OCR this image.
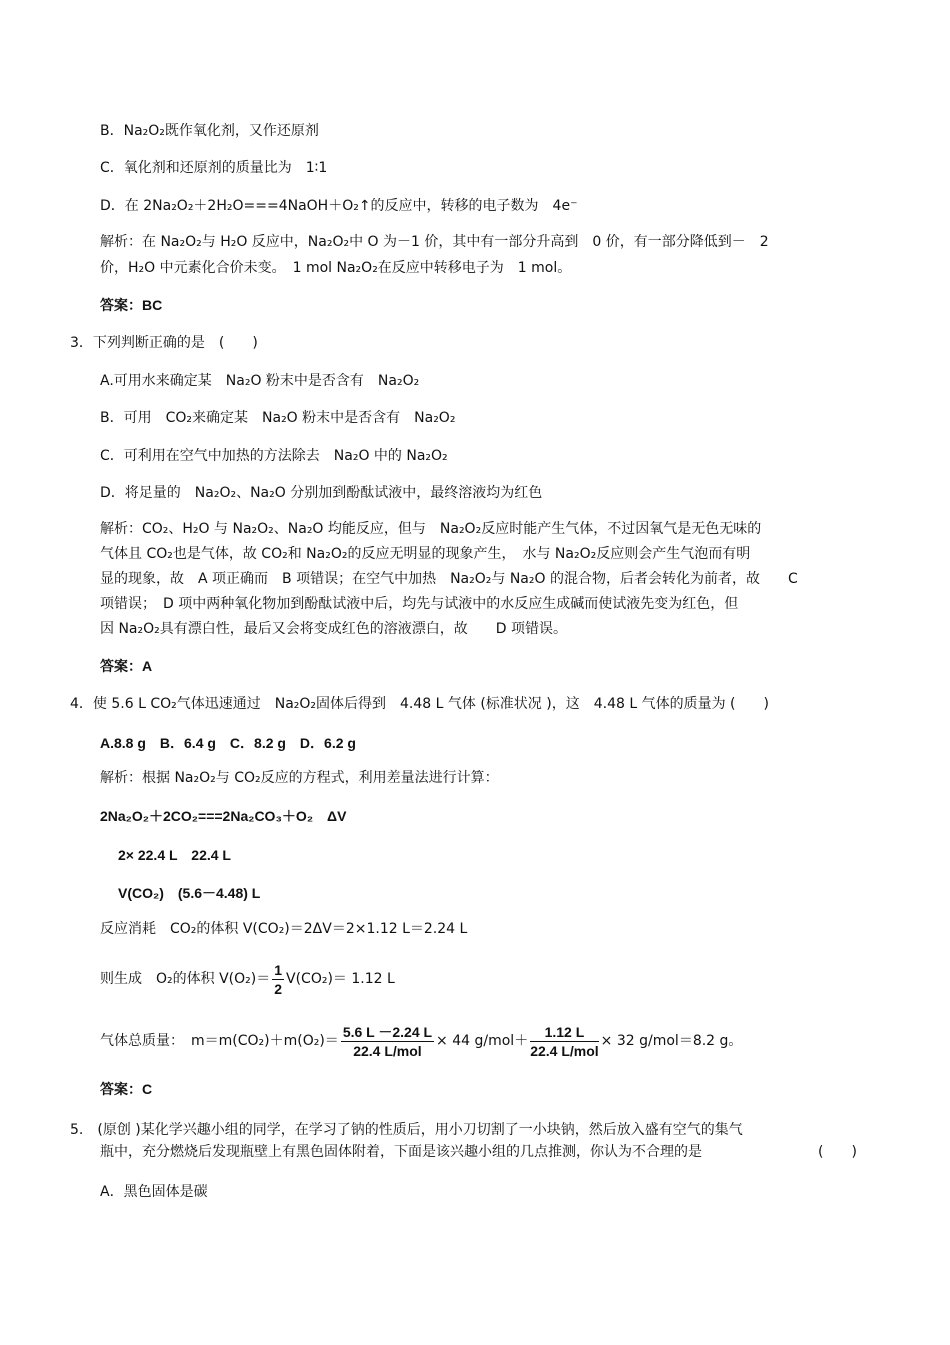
B．Na₂O₂既作氧化剂，又作还原剂
C．氧化剂和还原剂的质量比为　1∶1
D．在 2Na₂O₂＋2H₂O===4NaOH＋O₂↑的反应中，转移的电子数为　4e⁻
解析：在 Na₂O₂与 H₂O 反应中，Na₂O₂中 O 为－1 价，其中有一部分升高到　0 价，有一部分降低到－　2
价，H₂O 中元素化合价未变。　1 mol Na₂O₂在反应中转移电子为　1 mol。
答案：BC
3．下列判断正确的是　(　　)
A.可用水来确定某　Na₂O 粉末中是否含有　Na₂O₂
B．可用　CO₂来确定某　Na₂O 粉末中是否含有　Na₂O₂
C．可利用在空气中加热的方法除去　Na₂O 中的 Na₂O₂
D．将足量的　Na₂O₂、Na₂O 分别加到酚酞试液中，最终溶液均为红色
解析：CO₂、H₂O 与 Na₂O₂、Na₂O 均能反应，但与　Na₂O₂反应时能产生气体，不过因氧气是无色无味的
气体且 CO₂也是气体，故 CO₂和 Na₂O₂的反应无明显的现象产生，　水与 Na₂O₂反应则会产生气泡而有明
显的现象，故　A 项正确而　B 项错误；在空气中加热　Na₂O₂与 Na₂O 的混合物，后者会转化为前者，故　　C
项错误；　D 项中两种氧化物加到酚酞试液中后，均先与试液中的水反应生成碱而使试液先变为红色，但
因 Na₂O₂具有漂白性，最后又会将变成红色的溶液漂白，故　　D 项错误。
答案：A
4．使 5.6 L CO₂气体迅速通过　Na₂O₂固体后得到　4.48 L 气体 (标准状况 )，这　4.48 L 气体的质量为 (　　)
A.8.8 g　B．6.4 g　C．8.2 g　D．6.2 g
解析：根据 Na₂O₂与 CO₂反应的方程式，利用差量法进行计算：
2Na₂O₂＋2CO₂===2Na₂CO₃＋O₂　ΔV
2× 22.4 L　22.4 L
V(CO₂)　(5.6－4.48) L
反应消耗　CO₂的体积 V(CO₂)＝2ΔV＝2×1.12 L＝2.24 L
则生成　O₂的体积 $V(O_2)= \frac{1}{2} V(CO_2)= 1.12$ L
气体总质量：　$m=m(CO_2)+m(O_2)= \frac{5.6 L -2.24 L}{\text{22.4 L/mol}} \times 44$ $g/mol+ \frac{1.12 L}{\text{22.4 L/mol}} \times 32$ g/mol＝8.2 g。
答案：C
5.　(原创 )某化学兴趣小组的同学，在学习了钠的性质后，用小刀切割了一小块钠，然后放入盛有空气的集气
瓶中，充分燃烧后发现瓶壁上有黑色固体附着，下面是该兴趣小组的几点推测，你认为不合理的是	(　　)
A．黑色固体是碳
